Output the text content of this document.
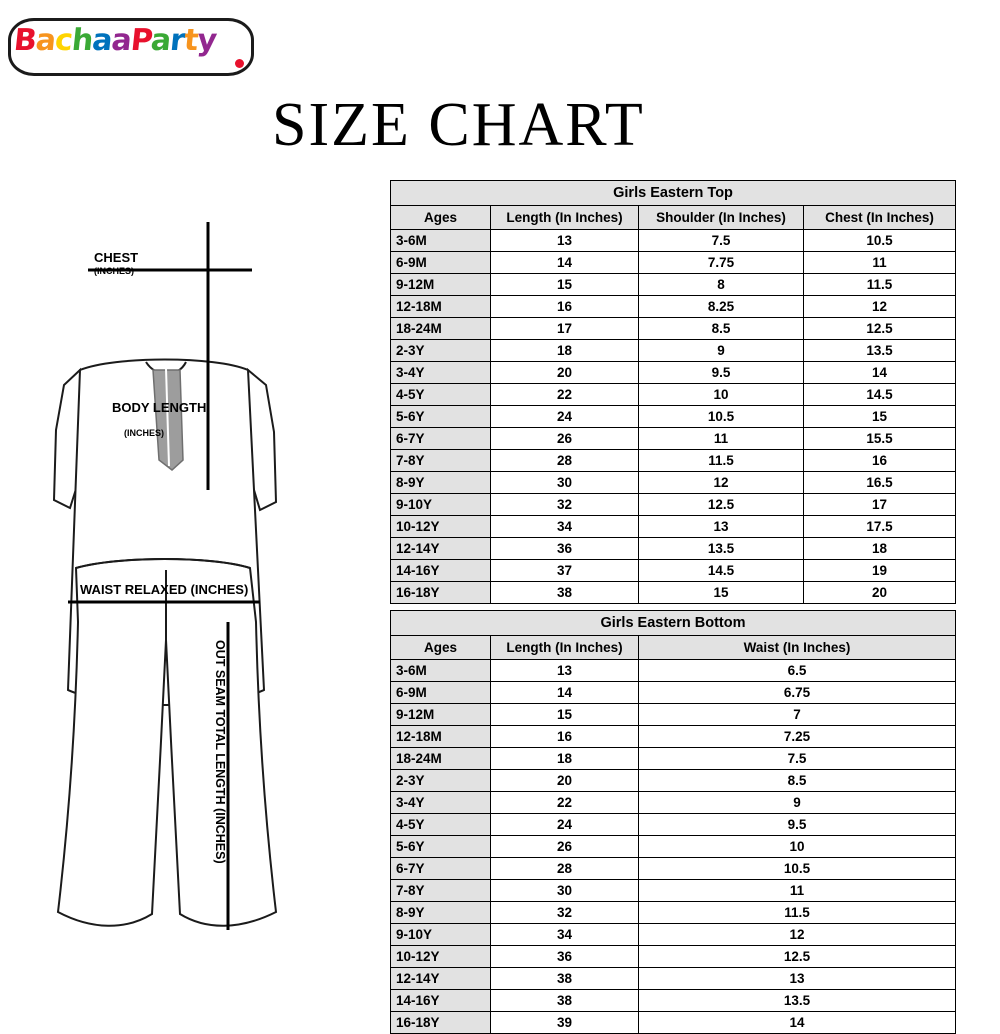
BachaaParty
SIZE CHART
CHEST
(INCHES)
BODY LENGTH
(INCHES)
WAIST RELAXED (INCHES)
OUT SEAM TOTAL LENGTH (INCHES)
Girls Eastern Top			
Ages	Length (In Inches)	Shoulder (In Inches)	Chest (In Inches)
3-6M	13	7.5	10.5
6-9M	14	7.75	11
9-12M	15	8	11.5
12-18M	16	8.25	12
18-24M	17	8.5	12.5
2-3Y	18	9	13.5
3-4Y	20	9.5	14
4-5Y	22	10	14.5
5-6Y	24	10.5	15
6-7Y	26	11	15.5
7-8Y	28	11.5	16
8-9Y	30	12	16.5
9-10Y	32	12.5	17
10-12Y	34	13	17.5
12-14Y	36	13.5	18
14-16Y	37	14.5	19
16-18Y	38	15	20
Girls Eastern Bottom		
Ages	Length (In Inches)	Waist (In Inches)
3-6M	13	6.5
6-9M	14	6.75
9-12M	15	7
12-18M	16	7.25
18-24M	18	7.5
2-3Y	20	8.5
3-4Y	22	9
4-5Y	24	9.5
5-6Y	26	10
6-7Y	28	10.5
7-8Y	30	11
8-9Y	32	11.5
9-10Y	34	12
10-12Y	36	12.5
12-14Y	38	13
14-16Y	38	13.5
16-18Y	39	14
